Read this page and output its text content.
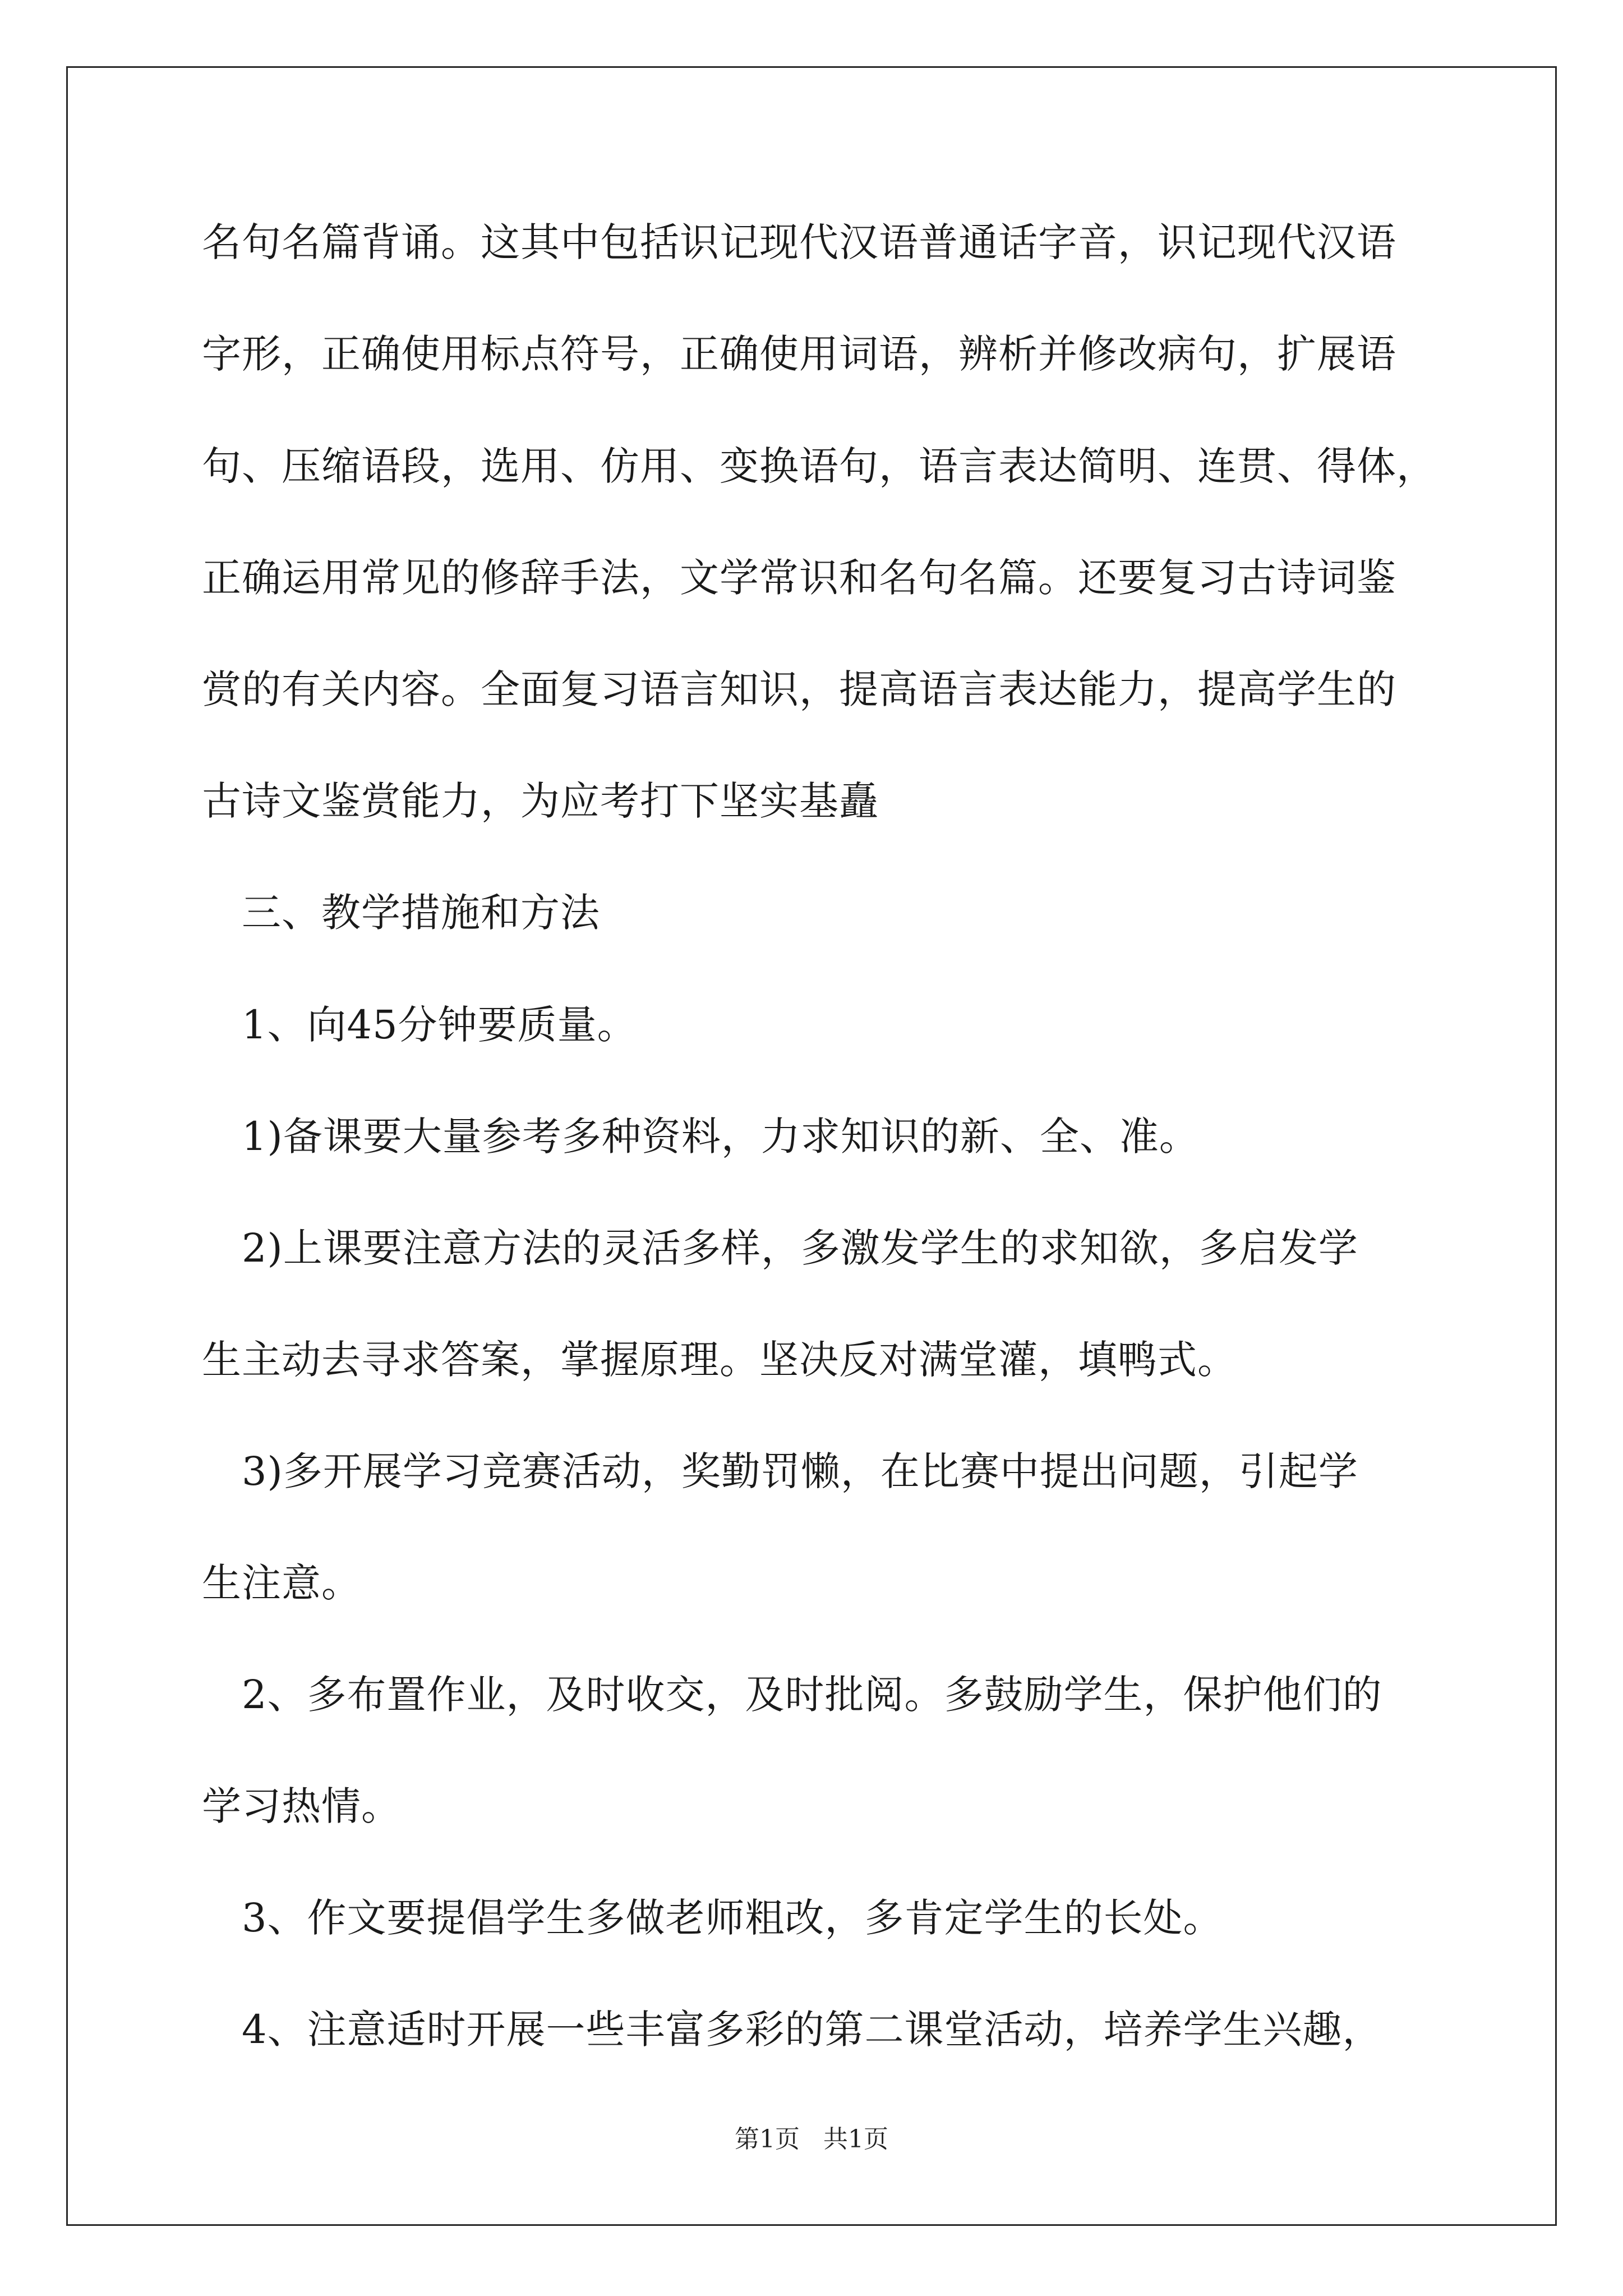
名句名篇背诵。这其中包括识记现代汉语普通话字音，识记现代汉语
字形，正确使用标点符号，正确使用词语，辨析并修改病句，扩展语
句、压缩语段，选用、仿用、变换语句，语言表达简明、连贯、得体，
正确运用常见的修辞手法，文学常识和名句名篇。还要复习古诗词鉴
赏的有关内容。全面复习语言知识，提高语言表达能力，提高学生的
古诗文鉴赏能力，为应考打下坚实基矗
　三、教学措施和方法
　1、向45分钟要质量。
　1)备课要大量参考多种资料，力求知识的新、全、准。
　2)上课要注意方法的灵活多样，多激发学生的求知欲，多启发学
生主动去寻求答案，掌握原理。坚决反对满堂灌，填鸭式。
　3)多开展学习竞赛活动，奖勤罚懒，在比赛中提出问题，引起学
生注意。
　2、多布置作业，及时收交，及时批阅。多鼓励学生，保护他们的
学习热情。
　3、作文要提倡学生多做老师粗改，多肯定学生的长处。
　4、注意适时开展一些丰富多彩的第二课堂活动，培养学生兴趣，
第1页 共1页
